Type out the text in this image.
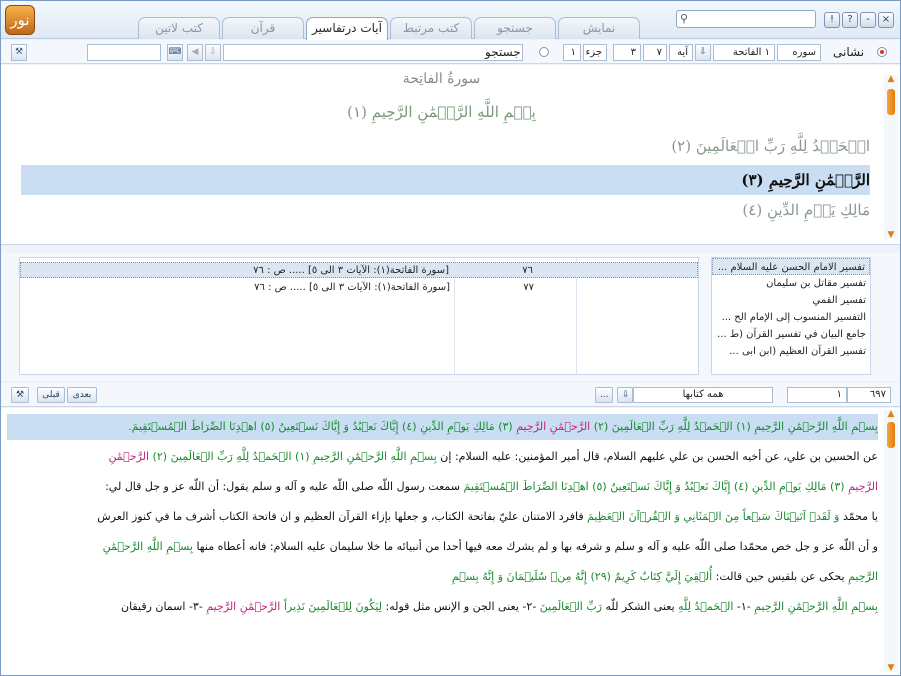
نور	نمايش
جستجو
كتب مرتبط
آيات درتفاسير
قرآن
كتب لاتين
⚲	!	?	-	×
⚒	⌨	◀	⇩	جستجو	١ جزء	٣	٧	آيه	⇩	١ الفاتحة	سوره	نشانی
سورةُ الفاتِحة
بِسۡمِ اللَّهِ الرَّحۡمَٰنِ الرَّحِيمِ (١)
الۡحَمۡدُ لِلَّهِ رَبِّ الۡعَالَمِينَ (٢)
الرَّحۡمَٰنِ الرَّحِيمِ (٣)
مَالِكِ يَوۡمِ الدِّينِ (٤)
▲
▼
[سورة الفاتحة(١): الآيات ٣ الى ٥] ..... ص : ٧٦	٧٦
[سورة الفاتحة(١): الآيات ٣ الى ٥] ..... ص : ٧٦	٧٧
تفسير الامام الحسن عليه السلام ...
تفسير مقاتل بن سليمان
تفسير القمي
التفسير المنسوب إلى الإمام الح ...
جامع البيان في تفسير القرآن (ط ...
تفسير القرآن العظيم (ابن ابى ...
⚒	قبلی	بعدی	...	⇩	همه كتابها	١	٦٩٧
▲
▼
بِسۡمِ اللَّهِ الرَّحۡمَٰنِ الرَّحِيمِ (١) الۡحَمۡدُ لِلَّهِ رَبِّ الۡعَالَمِينَ (٢) الرَّحۡمَٰنِ الرَّحِيمِ (٣) مَالِكِ يَوۡمِ الدِّينِ (٤) إِيَّاكَ نَعۡبُدُ وَ إِيَّاكَ نَسۡتَعِينُ (٥) اهۡدِنَا الصِّرَاطَ الۡمُسۡتَقِيمَ.
عن الحسين بن علي، عن أخيه الحسن بن علي عليهم السلام، قال أمير المؤمنين: عليه السلام: إن بِسۡمِ اللَّهِ الرَّحۡمَٰنِ الرَّحِيمِ (١) الۡحَمۡدُ لِلَّهِ رَبِّ الۡعَالَمِينَ (٢) الرَّحۡمَٰنِ
الرَّحِيمِ (٣) مَالِكِ يَوۡمِ الدِّينِ (٤) إِيَّاكَ نَعۡبُدُ وَ إِيَّاكَ نَسۡتَعِينُ (٥) اهۡدِنَا الصِّرَاطَ الۡمُسۡتَقِيمَ سمعت رسول اللّه صلى اللّه عليه و آله و سلم يقول: أن اللّه عز و جل قال لي:
يا محمّد وَ لَقَدۡ آتَيۡنَاكَ سَبۡعاً مِنَ الۡمَثَانِي وَ الۡقُرۡآنَ الۡعَظِيمَ فافرد الامتنان عليّ بفاتحة الكتاب، و جعلها بإزاء القرآن العظيم و ان فاتحة الكتاب أشرف ما في كنوز العرش
و أن اللّه عز و جل خص محمّدا صلى اللّه عليه و آله و سلم و شرفه بها و لم يشرك معه فيها أحدا من أنبيائه ما خلا سليمان عليه السلام: فانه أعطاه منها بِسۡمِ اللَّهِ الرَّحۡمَٰنِ
الرَّحِيمِ يحكى عن بلقيس حين قالت: أُلۡقِيَ إِلَيَّ كِتَابٌ كَرِيمٌ (٢٩) إِنَّهُ مِنۡ سُلَيۡمَانَ وَ إِنَّهُ بِسۡمِ
بِسۡمِ اللَّهِ الرَّحۡمَٰنِ الرَّحِيمِ -١- الۡحَمۡدُ لِلَّهِ يعنى الشكر للّه رَبِّ الۡعَالَمِينَ -٢- يعنى الجن و الإنس مثل قوله: لِيَكُونَ لِلۡعَالَمِينَ نَذِيراً الرَّحۡمَٰنِ الرَّحِيمِ -٣- اسمان رقيقان
